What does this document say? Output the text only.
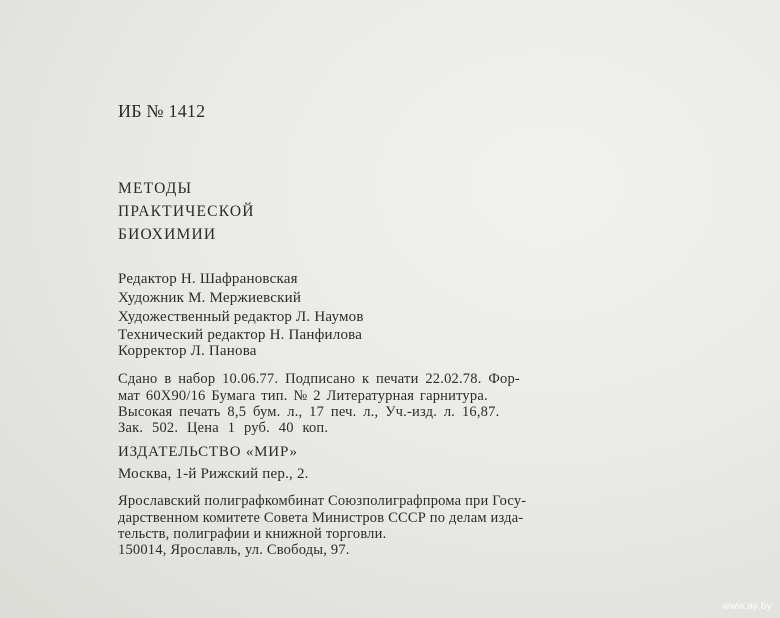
ИБ № 1412
МЕТОДЫ
ПРАКТИЧЕСКОЙ
БИОХИМИИ
Редактор Н. Шафрановская
Художник М. Мержиевский
Художественный редактор Л. Наумов
Технический редактор Н. Панфилова
Корректор Л. Панова
Сдано в набор 10.06.77. Подписано к печати 22.02.78. Фор-
мат 60Х90/16 Бумага тип. № 2 Литературная гарнитура.
Высокая печать 8,5 бум. л., 17 печ. л., Уч.-изд. л. 16,87.
Зак. 502. Цена 1 руб. 40 коп.
ИЗДАТЕЛЬСТВО «МИР»
Москва, 1-й Рижский пер., 2.
Ярославский полиграфкомбинат Союзполиграфпрома при Госу-
дарственном комитете Совета Министров СССР по делам изда-
тельств, полиграфии и книжной торговли.
150014, Ярославль, ул. Свободы, 97.
www.ay.by
